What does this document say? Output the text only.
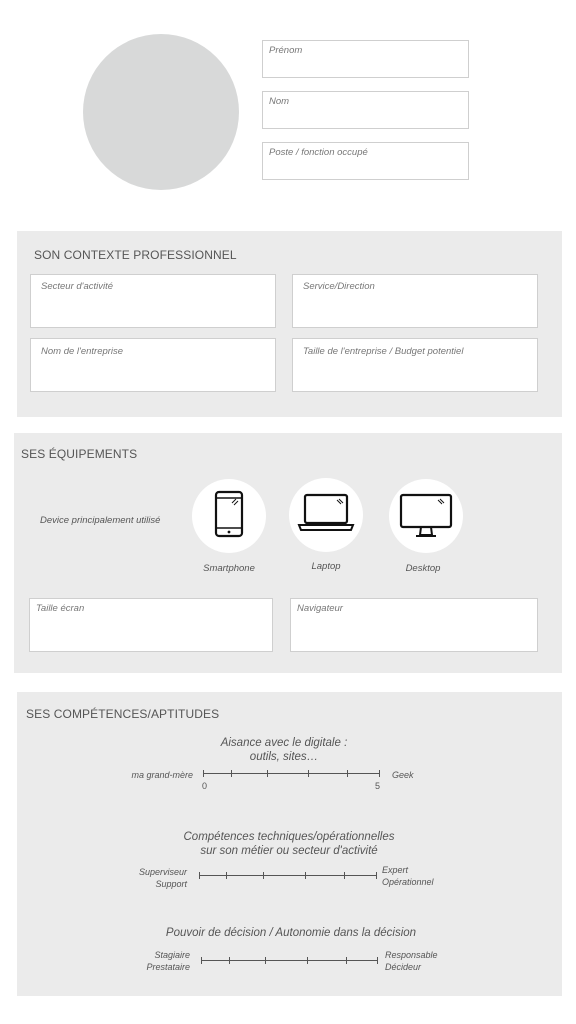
Prénom
Nom
Poste / fonction occupé
SON CONTEXTE PROFESSIONNEL
Secteur d'activité	Service/Direction
Nom de l'entreprise	Taille de l'entreprise / Budget potentiel
SES ÉQUIPEMENTS
Device principalement utilisé
Smartphone	Laptop	Desktop
Taille écran	Navigateur
SES COMPÉTENCES/APTITUDES
Aisance avec le digitale :
outils, sites…
ma grand-mère	Geek
0	5
Compétences techniques/opérationnelles
sur son métier ou secteur d'activité
Superviseur
Support
Expert
Opérationnel
Pouvoir de décision / Autonomie dans la décision
Stagiaire
Prestataire
Responsable
Décideur
